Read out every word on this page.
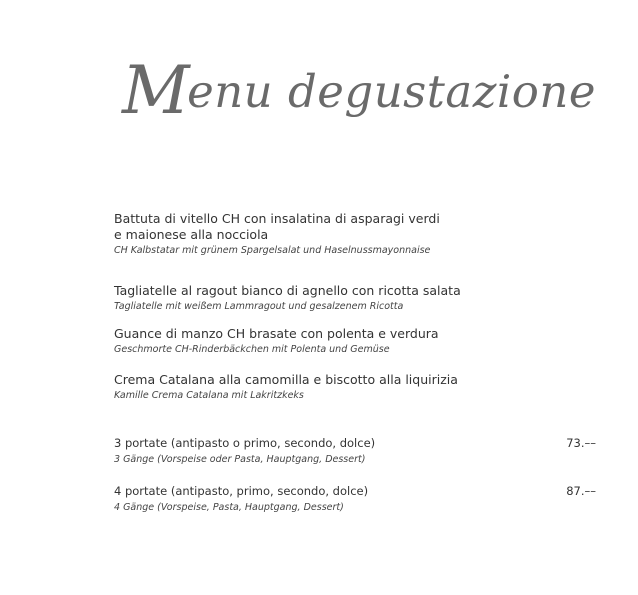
Menu degustazione
Battuta di vitello CH con insalatina di asparagi verdi
e maionese alla nocciola
CH Kalbstatar mit grünem Spargelsalat und Haselnussmayonnaise
Tagliatelle al ragout bianco di agnello con ricotta salata
Tagliatelle mit weißem Lammragout und gesalzenem Ricotta
Guance di manzo CH brasate con polenta e verdura
Geschmorte CH-Rinderbäckchen mit Polenta und Gemüse
Crema Catalana alla camomilla e biscotto alla liquirizia
Kamille Crema Catalana mit Lakritzkeks
3 portate (antipasto o primo, secondo, dolce)	73.––
3 Gänge (Vorspeise oder Pasta, Hauptgang, Dessert)
4 portate (antipasto, primo, secondo, dolce)	87.––
4 Gänge (Vorspeise, Pasta, Hauptgang, Dessert)
